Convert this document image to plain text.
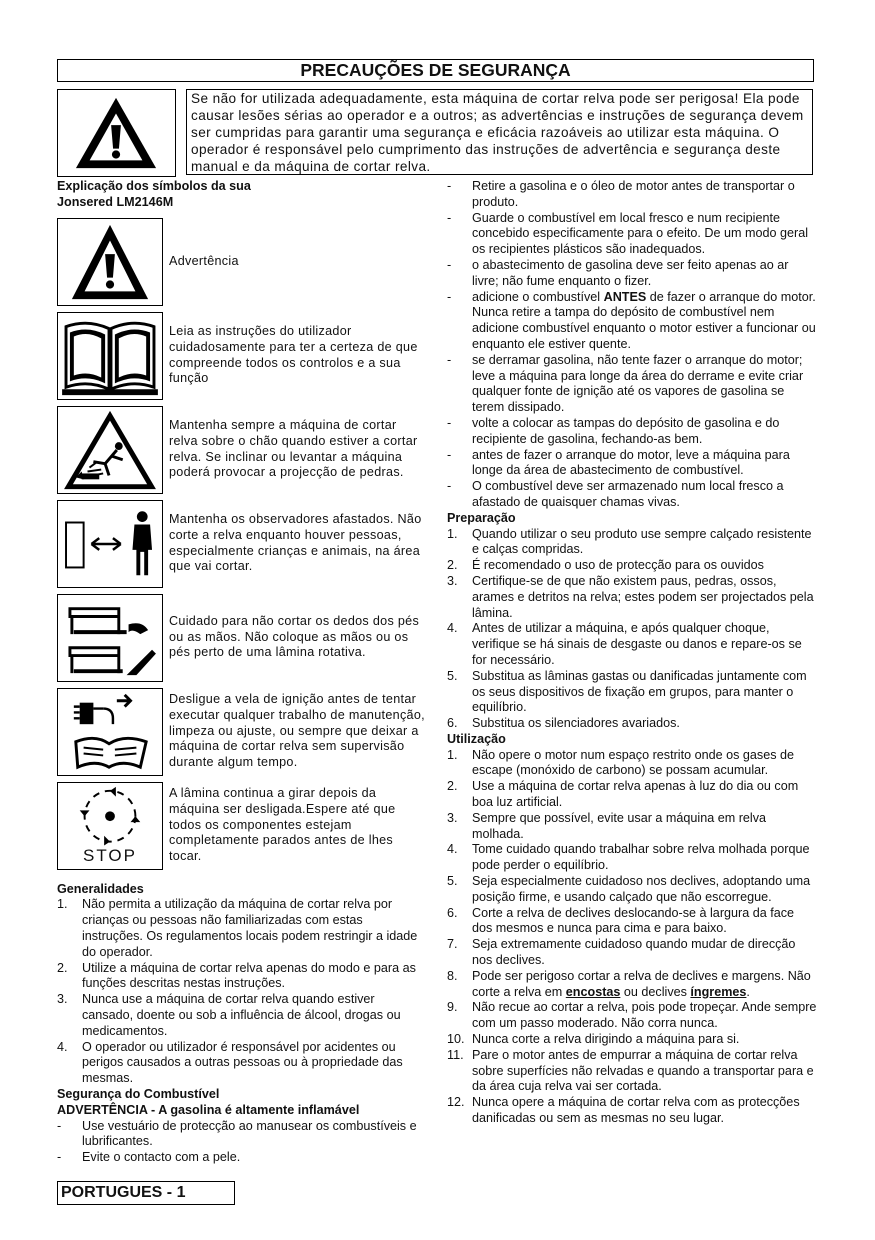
PRECAUÇÕES DE SEGURANÇA
Se não for utilizada adequadamente, esta máquina de cortar relva pode ser perigosa! Ela pode causar lesões sérias ao operador e a outros; as advertências e instruções de segurança devem ser cumpridas para garantir uma segurança e eficácia razoáveis ao utilizar esta máquina. O operador é responsável pelo cumprimento das instruções de advertência e segurança deste manual e da máquina de cortar relva.
Explicação dos símbolos da sua
Jonsered LM2146M
Advertência
Leia as instruções do utilizador cuidadosamente para ter a certeza de que compreende todos os controlos e a sua função
Mantenha sempre a máquina de cortar relva sobre o chão quando estiver a cortar relva. Se inclinar ou levantar a máquina poderá provocar a projecção de pedras.
Mantenha os observadores afastados. Não corte a relva enquanto houver pessoas, especialmente crianças e animais, na área que vai cortar.
Cuidado para não cortar os dedos dos pés ou as mãos. Não coloque as mãos ou os pés perto de uma lâmina rotativa.
Desligue a vela de ignição antes de tentar executar qualquer trabalho de manutenção, limpeza ou ajuste, ou sempre que deixar a máquina de cortar relva sem supervisão durante algum tempo.
STOP
A lâmina continua a girar depois da máquina ser desligada.Espere até que todos os componentes estejam completamente parados antes de lhes tocar.
Generalidades
1. Não permita a utilização da máquina de cortar relva por crianças ou pessoas não familiarizadas com estas instruções. Os regulamentos locais podem restringir a idade do operador.
2. Utilize a máquina de cortar relva apenas do modo e para as funções descritas nestas instruções.
3. Nunca use a máquina de cortar relva quando estiver cansado, doente ou sob a influência de álcool, drogas ou medicamentos.
4. O operador ou utilizador é responsável por acidentes ou perigos causados a outras pessoas ou à propriedade das mesmas.
Segurança do Combustível
ADVERTÊNCIA - A gasolina é altamente inflamável
- Use vestuário de protecção ao manusear os combustíveis e lubrificantes.
- Evite o contacto com a pele.
- Retire a gasolina e o óleo de motor antes de transportar o produto.
- Guarde o combustível em local fresco e num recipiente concebido especificamente para o efeito. De um modo geral os recipientes plásticos são inadequados.
- o abastecimento de gasolina deve ser feito apenas ao ar livre; não fume enquanto o fizer.
- adicione o combustível ANTES de fazer o arranque do motor. Nunca retire a tampa do depósito de combustível nem adicione combustível enquanto o motor estiver a funcionar ou enquanto ele estiver quente.
- se derramar gasolina, não tente fazer o arranque do motor; leve a máquina para longe da área do derrame e evite criar qualquer fonte de ignição até os vapores de gasolina se terem dissipado.
- volte a colocar as tampas do depósito de gasolina e do recipiente de gasolina, fechando-as bem.
- antes de fazer o arranque do motor, leve a máquina para longe da área de abastecimento de combustível.
- O combustível deve ser armazenado num local fresco a afastado de quaisquer chamas vivas.
Preparação
1. Quando utilizar o seu produto use sempre calçado resistente e calças compridas.
2. É recomendado o uso de protecção para os ouvidos
3. Certifique-se de que não existem paus, pedras, ossos, arames e detritos na relva; estes podem ser projectados pela lâmina.
4. Antes de utilizar a máquina, e após qualquer choque, verifique se há sinais de desgaste ou danos e repare-os se for necessário.
5. Substitua as lâminas gastas ou danificadas juntamente com os seus dispositivos de fixação em grupos, para manter o equilíbrio.
6. Substitua os silenciadores avariados.
Utilização
1. Não opere o motor num espaço restrito onde os gases de escape (monóxido de carbono) se possam acumular.
2. Use a máquina de cortar relva apenas à luz do dia ou com boa luz artificial.
3. Sempre que possível, evite usar a máquina em relva molhada.
4. Tome cuidado quando trabalhar sobre relva molhada porque pode perder o equilíbrio.
5. Seja especialmente cuidadoso nos declives, adoptando uma posição firme, e usando calçado que não escorregue.
6. Corte a relva de declives deslocando-se à largura da face dos mesmos e nunca para cima e para baixo.
7. Seja extremamente cuidadoso quando mudar de direcção nos declives.
8. Pode ser perigoso cortar a relva de declives e margens. Não corte a relva em encostas ou declives íngremes.
9. Não recue ao cortar a relva, pois pode tropeçar. Ande sempre com um passo moderado. Não corra nunca.
10. Nunca corte a relva dirigindo a máquina para si.
11. Pare o motor antes de empurrar a máquina de cortar relva sobre superfícies não relvadas e quando a transportar para e da área cuja relva vai ser cortada.
12. Nunca opere a máquina de cortar relva com as protecções danificadas ou sem as mesmas no seu lugar.
PORTUGUES - 1
